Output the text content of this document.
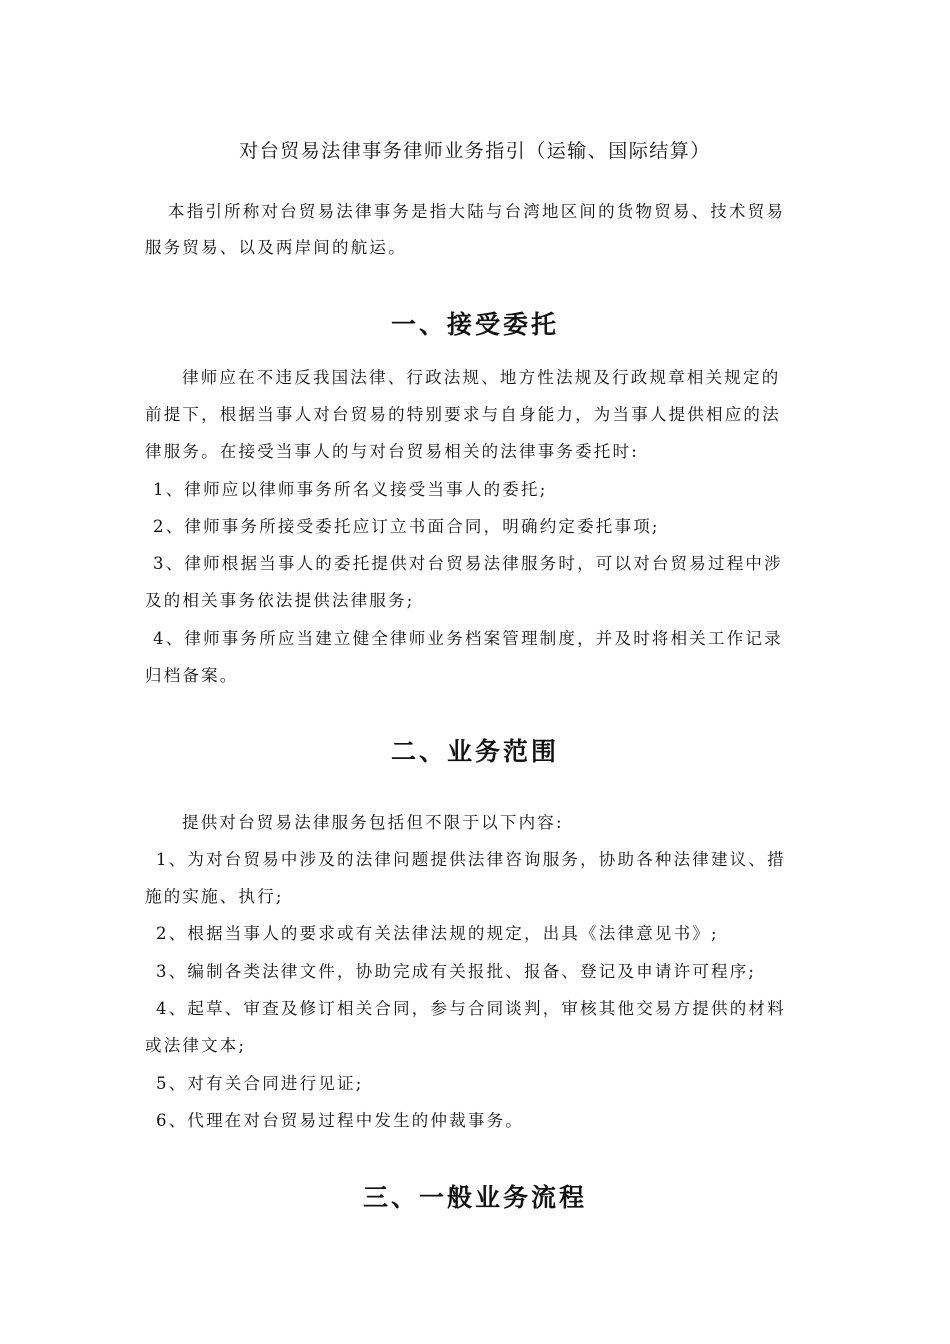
对台贸易法律事务律师业务指引（运输、国际结算）
本指引所称对台贸易法律事务是指大陆与台湾地区间的货物贸易、技术贸易
服务贸易、以及两岸间的航运。
一、接受委托
律师应在不违反我国法律、行政法规、地方性法规及行政规章相关规定的
前提下，根据当事人对台贸易的特别要求与自身能力，为当事人提供相应的法
律服务。在接受当事人的与对台贸易相关的法律事务委托时:
1、律师应以律师事务所名义接受当事人的委托;
2、律师事务所接受委托应订立书面合同，明确约定委托事项;
3、律师根据当事人的委托提供对台贸易法律服务时，可以对台贸易过程中涉
及的相关事务依法提供法律服务;
4、律师事务所应当建立健全律师业务档案管理制度，并及时将相关工作记录
归档备案。
二、业务范围
提供对台贸易法律服务包括但不限于以下内容:
1、为对台贸易中涉及的法律问题提供法律咨询服务，协助各种法律建议、措
施的实施、执行;
2、根据当事人的要求或有关法律法规的规定，出具《法律意见书》;
3、编制各类法律文件，协助完成有关报批、报备、登记及申请许可程序;
4、起草、审查及修订相关合同，参与合同谈判，审核其他交易方提供的材料
或法律文本;
5、对有关合同进行见证;
6、代理在对台贸易过程中发生的仲裁事务。
三、一般业务流程
